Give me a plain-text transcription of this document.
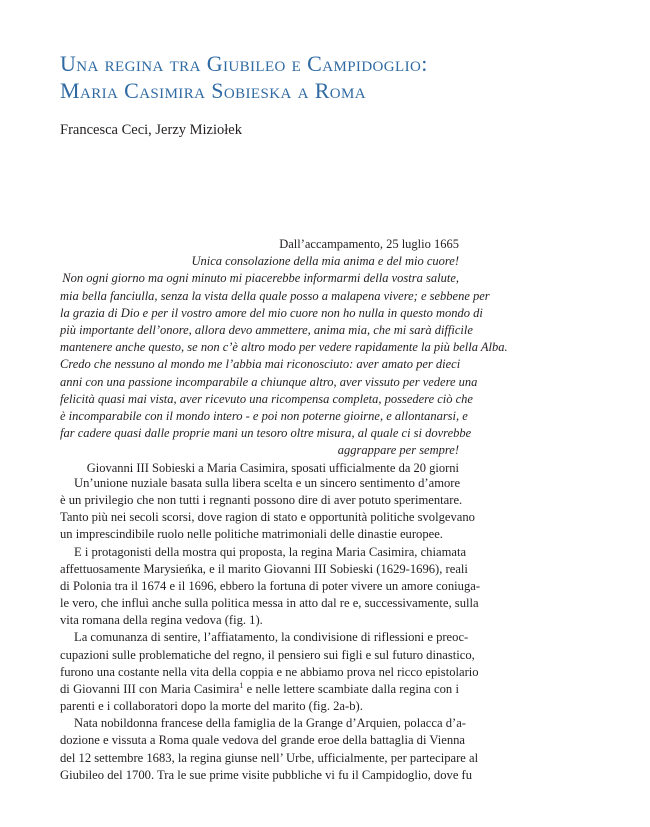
Una regina tra Giubileo e Campidoglio:
Maria Casimira Sobieska a Roma
Francesca Ceci, Jerzy Miziołek
Dall’accampamento, 25 luglio 1665
Unica consolazione della mia anima e del mio cuore!
Non ogni giorno ma ogni minuto mi piacerebbe informarmi della vostra salute,
mia bella fanciulla, senza la vista della quale posso a malapena vivere; e sebbene per
la grazia di Dio e per il vostro amore del mio cuore non ho nulla in questo mondo di
più importante dell’onore, allora devo ammettere, anima mia, che mi sarà difficile
mantenere anche questo, se non c’è altro modo per vedere rapidamente la più bella Alba.
Credo che nessuno al mondo me l’abbia mai riconosciuto: aver amato per dieci
anni con una passione incomparabile a chiunque altro, aver vissuto per vedere una
felicità quasi mai vista, aver ricevuto una ricompensa completa, possedere ciò che
è incomparabile con il mondo intero - e poi non poterne gioirne, e allontanarsi, e
far cadere quasi dalle proprie mani un tesoro oltre misura, al quale ci si dovrebbe
aggrappare per sempre!
Giovanni III Sobieski a Maria Casimira, sposati ufficialmente da 20 giorni
Un’unione nuziale basata sulla libera scelta e un sincero sentimento d’amore
è un privilegio che non tutti i regnanti possono dire di aver potuto sperimentare.
Tanto più nei secoli scorsi, dove ragion di stato e opportunità politiche svolgevano
un imprescindibile ruolo nelle politiche matrimoniali delle dinastie europee.
E i protagonisti della mostra qui proposta, la regina Maria Casimira, chiamata
affettuosamente Marysieńka, e il marito Giovanni III Sobieski (1629-1696), reali
di Polonia tra il 1674 e il 1696, ebbero la fortuna di poter vivere un amore coniuga-
le vero, che influì anche sulla politica messa in atto dal re e, successivamente, sulla
vita romana della regina vedova (fig. 1).
La comunanza di sentire, l’affiatamento, la condivisione di riflessioni e preoc-
cupazioni sulle problematiche del regno, il pensiero sui figli e sul futuro dinastico,
furono una costante nella vita della coppia e ne abbiamo prova nel ricco epistolario
di Giovanni III con Maria Casimira$^1$ e nelle lettere scambiate dalla regina con i
parenti e i collaboratori dopo la morte del marito (fig. 2a-b).
Nata nobildonna francese della famiglia de la Grange d’Arquien, polacca d’a-
dozione e vissuta a Roma quale vedova del grande eroe della battaglia di Vienna
del 12 settembre 1683, la regina giunse nell’ Urbe, ufficialmente, per partecipare al
Giubileo del 1700. Tra le sue prime visite pubbliche vi fu il Campidoglio, dove fu
